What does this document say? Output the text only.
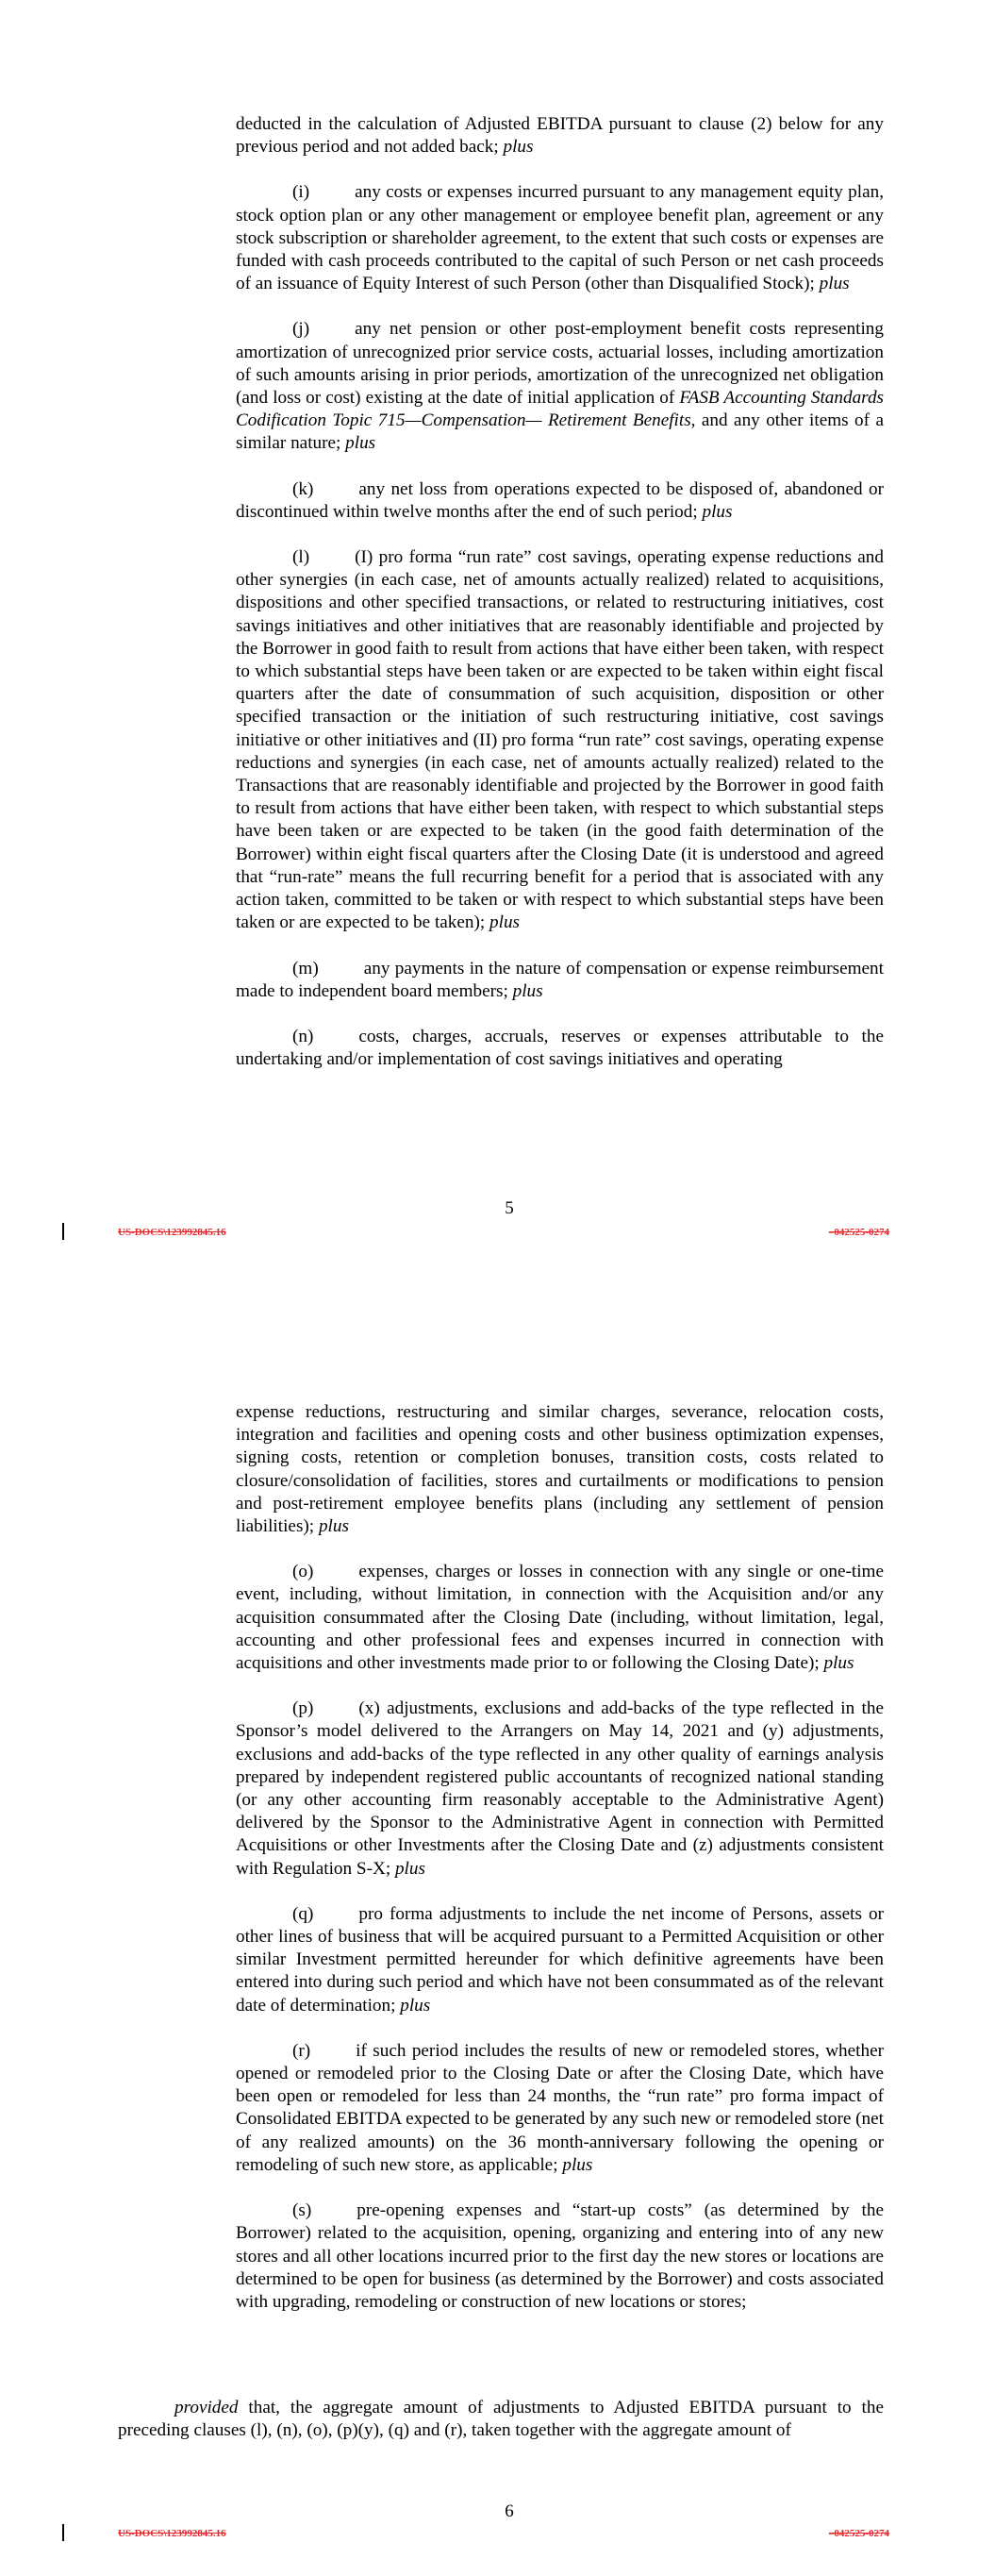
deducted in the calculation of Adjusted EBITDA pursuant to clause (2) below for any previous period and not added back; plus

(i)	any costs or expenses incurred pursuant to any management equity plan, stock option plan or any other management or employee benefit plan, agreement or any stock subscription or shareholder agreement, to the extent that such costs or expenses are funded with cash proceeds contributed to the capital of such Person or net cash proceeds of an issuance of Equity Interest of such Person (other than Disqualified Stock); plus

(j)	any net pension or other post-employment benefit costs representing amortization of unrecognized prior service costs, actuarial losses, including amortization of such amounts arising in prior periods, amortization of the unrecognized net obligation (and loss or cost) existing at the date of initial application of FASB Accounting Standards Codification Topic 715—Compensation— Retirement Benefits, and any other items of a similar nature; plus

(k)	any net loss from operations expected to be disposed of, abandoned or discontinued within twelve months after the end of such period; plus

(l)	(I) pro forma “run rate” cost savings, operating expense reductions and other synergies (in each case, net of amounts actually realized) related to acquisitions, dispositions and other specified transactions, or related to restructuring initiatives, cost savings initiatives and other initiatives that are reasonably identifiable and projected by the Borrower in good faith to result from actions that have either been taken, with respect to which substantial steps have been taken or are expected to be taken within eight fiscal quarters after the date of consummation of such acquisition, disposition or other specified transaction or the initiation of such restructuring initiative, cost savings initiative or other initiatives and (II) pro forma “run rate” cost savings, operating expense reductions and synergies (in each case, net of amounts actually realized) related to the Transactions that are reasonably identifiable and projected by the Borrower in good faith to result from actions that have either been taken, with respect to which substantial steps have been taken or are expected to be taken (in the good faith determination of the Borrower) within eight fiscal quarters after the Closing Date (it is understood and agreed that “run-rate” means the full recurring benefit for a period that is associated with any action taken, committed to be taken or with respect to which substantial steps have been taken or are expected to be taken); plus

(m)	any payments in the nature of compensation or expense reimbursement made to independent board members; plus

(n)	costs, charges, accruals, reserves or expenses attributable to the undertaking and/or implementation of cost savings initiatives and operating

5
US-DOCS\123992845.16	–042525-0274

expense reductions, restructuring and similar charges, severance, relocation costs, integration and facilities and opening costs and other business optimization expenses, signing costs, retention or completion bonuses, transition costs, costs related to closure/consolidation of facilities, stores and curtailments or modifications to pension and post-retirement employee benefits plans (including any settlement of pension liabilities); plus

(o)	expenses, charges or losses in connection with any single or one-time event, including, without limitation, in connection with the Acquisition and/or any acquisition consummated after the Closing Date (including, without limitation, legal, accounting and other professional fees and expenses incurred in connection with acquisitions and other investments made prior to or following the Closing Date); plus

(p)	(x) adjustments, exclusions and add-backs of the type reflected in the Sponsor’s model delivered to the Arrangers on May 14, 2021 and (y) adjustments, exclusions and add-backs of the type reflected in any other quality of earnings analysis prepared by independent registered public accountants of recognized national standing (or any other accounting firm reasonably acceptable to the Administrative Agent) delivered by the Sponsor to the Administrative Agent in connection with Permitted Acquisitions or other Investments after the Closing Date and (z) adjustments consistent with Regulation S-X; plus

(q)	pro forma adjustments to include the net income of Persons, assets or other lines of business that will be acquired pursuant to a Permitted Acquisition or other similar Investment permitted hereunder for which definitive agreements have been entered into during such period and which have not been consummated as of the relevant date of determination; plus

(r)	if such period includes the results of new or remodeled stores, whether opened or remodeled prior to the Closing Date or after the Closing Date, which have been open or remodeled for less than 24 months, the “run rate” pro forma impact of Consolidated EBITDA expected to be generated by any such new or remodeled store (net of any realized amounts) on the 36 month-anniversary following the opening or remodeling of such new store, as applicable; plus

(s)	pre-opening expenses and “start-up costs” (as determined by the Borrower) related to the acquisition, opening, organizing and entering into of any new stores and all other locations incurred prior to the first day the new stores or locations are determined to be open for business (as determined by the Borrower) and costs associated with upgrading, remodeling or construction of new locations or stores;

provided that, the aggregate amount of adjustments to Adjusted EBITDA pursuant to the preceding clauses (l), (n), (o), (p)(y), (q) and (r), taken together with the aggregate amount of

6
US-DOCS\123992845.16	–042525-0274
